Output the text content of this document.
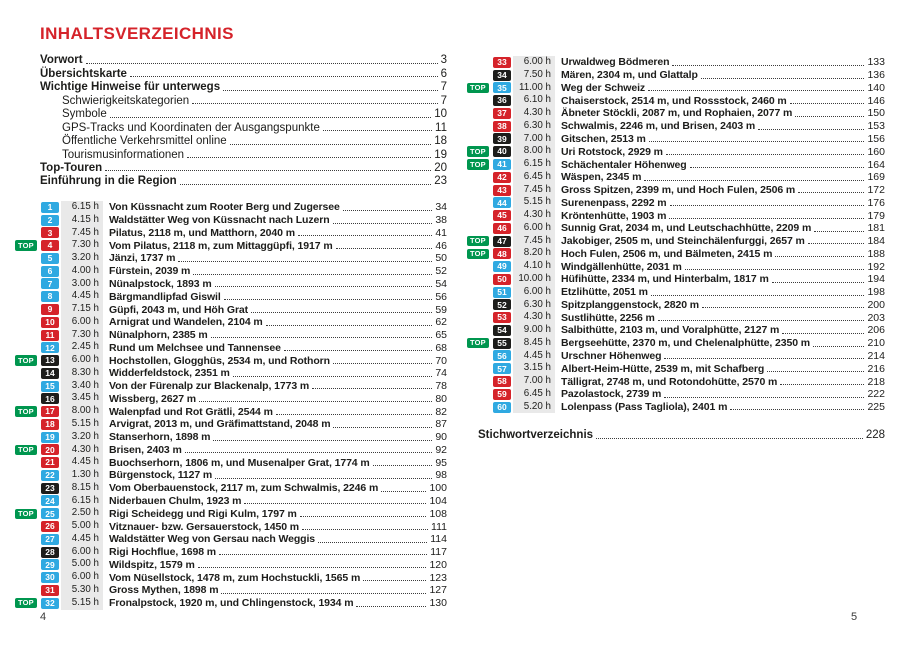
INHALTSVERZEICHNIS
Vorwort	3
Übersichtskarte	6
Wichtige Hinweise für unterwegs	7
Schwierigkeitskategorien	7
Symbole	10
GPS-Tracks und Koordinaten der Ausgangspunkte	11
Öffentliche Verkehrsmittel online	18
Tourismusinformationen	19
Top-Touren	20
Einführung in die Region	23
1	6.15 h Von Küssnacht zum Rooter Berg und Zugersee	34
2	4.15 h Waldstätter Weg von Küssnacht nach Luzern	38
3	7.45 h Pilatus, 2118 m, und Matthorn, 2040 m	41
TOP	4	7.30 h Vom Pilatus, 2118 m, zum Mittaggüpfi, 1917 m	46
5	3.20 h Jänzi, 1737 m	50
6	4.00 h Fürstein, 2039 m	52
7	3.00 h Nünalpstock, 1893 m	54
8	4.45 h Bärgmandlipfad Giswil	56
9	7.15 h Güpfi, 2043 m, und Höh Grat	59
10	6.00 h Arnigrat und Wandelen, 2104 m	62
11	7.30 h Nünalphorn, 2385 m	65
12	2.45 h Rund um Melchsee und Tannensee	68
TOP	13	6.00 h Hochstollen, Glogghüs, 2534 m, und Rothorn	70
14	8.30 h Widderfeldstock, 2351 m	74
15	3.40 h Von der Fürenalp zur Blackenalp, 1773 m	78
16	3.45 h Wissberg, 2627 m	80
TOP	17	8.00 h Walenpfad und Rot Grätli, 2544 m	82
18	5.15 h Arvigrat, 2013 m, und Gräfimattstand, 2048 m	87
19	3.20 h Stanserhorn, 1898 m	90
TOP	20	4.30 h Brisen, 2403 m	92
21	4.45 h Buochserhorn, 1806 m, und Musenalper Grat, 1774 m	95
22	1.30 h Bürgenstock, 1127 m	98
23	8.15 h Vom Oberbauenstock, 2117 m, zum Schwalmis, 2246 m	100
24	6.15 h Niderbauen Chulm, 1923 m	104
TOP	25	2.50 h Rigi Scheidegg und Rigi Kulm, 1797 m	108
26	5.00 h Vitznauer- bzw. Gersauerstock, 1450 m	111
27	4.45 h Waldstätter Weg von Gersau nach Weggis	114
28	6.00 h Rigi Hochflue, 1698 m	117
29	5.00 h Wildspitz, 1579 m	120
30	6.00 h Vom Nüsellstock, 1478 m, zum Hochstuckli, 1565 m	123
31	5.30 h Gross Mythen, 1898 m	127
TOP	32	5.15 h Fronalpstock, 1920 m, und Chlingenstock, 1934 m	130
33	6.00 h Urwaldweg Bödmeren	133
34	7.50 h Mären, 2304 m, und Glattalp	136
TOP	35	11.00 h Weg der Schweiz	140
36	6.10 h Chaiserstock, 2514 m, und Rossstock, 2460 m	146
37	4.30 h Äbneter Stöckli, 2087 m, und Rophaien, 2077 m	150
38	6.30 h Schwalmis, 2246 m, und Brisen, 2403 m	153
39	7.00 h Gitschen, 2513 m	156
TOP	40	8.00 h Uri Rotstock, 2929 m	160
TOP	41	6.15 h Schächentaler Höhenweg	164
42	6.45 h Wäspen, 2345 m	169
43	7.45 h Gross Spitzen, 2399 m, und Hoch Fulen, 2506 m	172
44	5.15 h Surenenpass, 2292 m	176
45	4.30 h Kröntenhütte, 1903 m	179
46	6.00 h Sunnig Grat, 2034 m, und Leutschachhütte, 2209 m	181
TOP	47	7.45 h Jakobiger, 2505 m, und Steinchälenfurggi, 2657 m	184
TOP	48	8.20 h Hoch Fulen, 2506 m, und Bälmeten, 2415 m	188
49	4.10 h Windgällenhütte, 2031 m	192
50	10.00 h Hüfihütte, 2334 m, und Hinterbalm, 1817 m	194
51	6.00 h Etzlihütte, 2051 m	198
52	6.30 h Spitzplanggenstock, 2820 m	200
53	4.30 h Sustlihütte, 2256 m	203
54	9.00 h Salbithütte, 2103 m, und Voralphütte, 2127 m	206
TOP	55	8.45 h Bergseehütte, 2370 m, und Chelenalphütte, 2350 m	210
56	4.45 h Urschner Höhenweg	214
57	3.15 h Albert-Heim-Hütte, 2539 m, mit Schafberg	216
58	7.00 h Tälligrat, 2748 m, und Rotondohütte, 2570 m	218
59	6.45 h Pazolastock, 2739 m	222
60	5.20 h Lolenpass (Pass Tagliola), 2401 m	225
Stichwortverzeichnis	228
4	5
